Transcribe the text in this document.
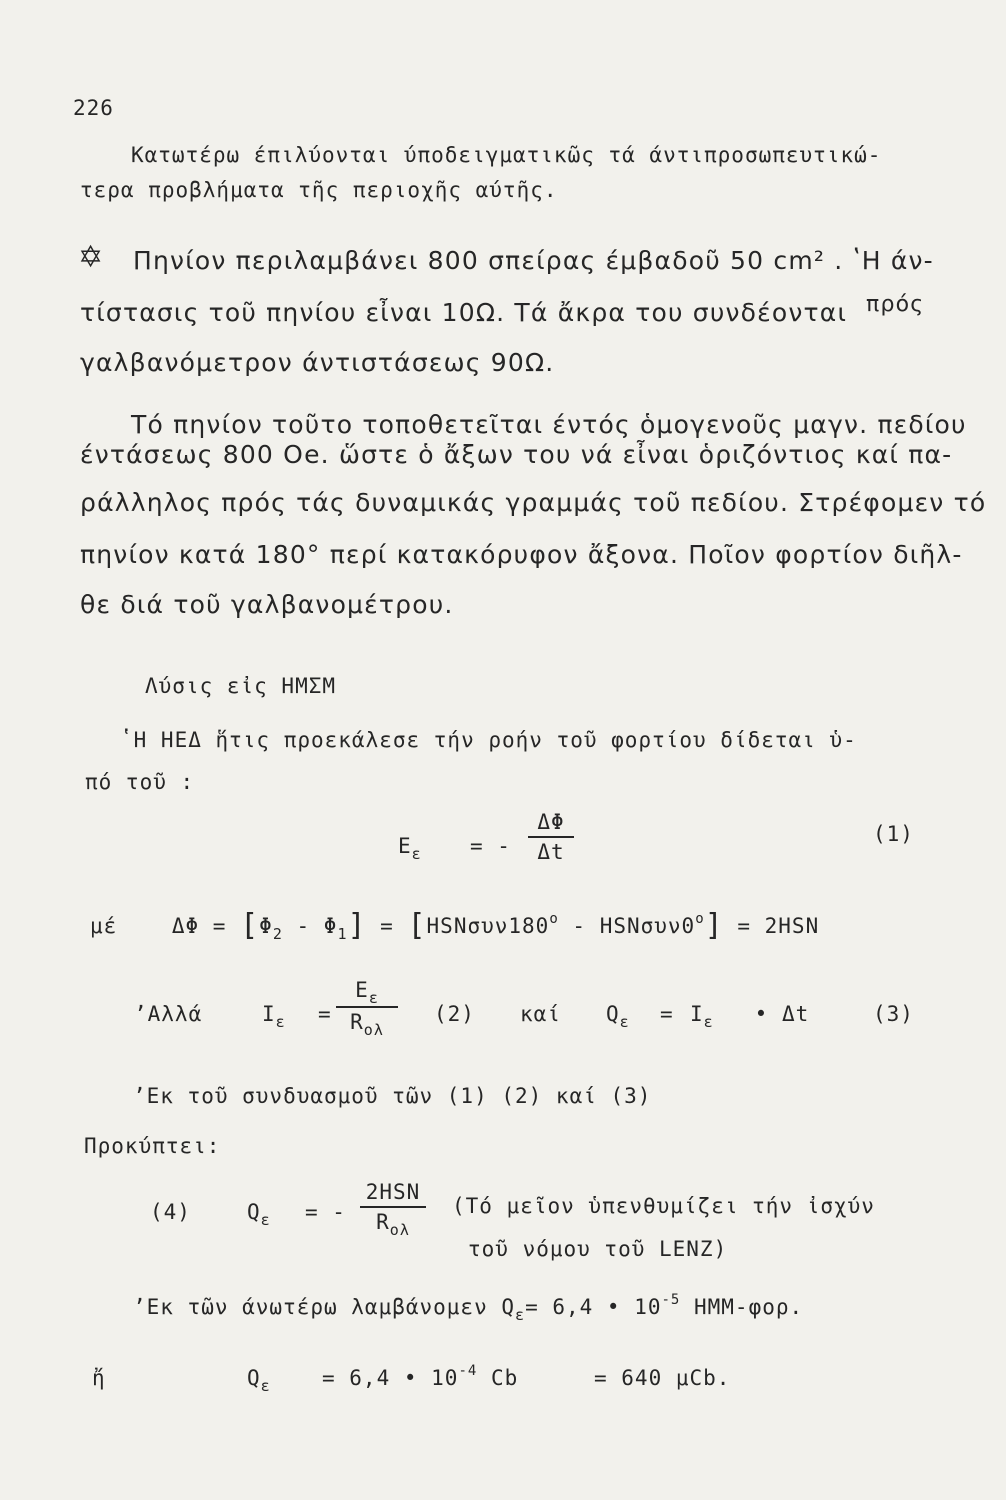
226
Κατωτέρω έπιλύονται ύποδειγματικῶς τά άντιπροσωπευτικώ-
τερα προβλήματα τῆς περιοχῆς αύτῆς.
✡ Πηνίον περιλαμβάνει 800 σπείρας έμβαδοῦ 50 cm² . ʽΗ άν-
τίστασις τοῦ πηνίου εἶναι 10Ω. Τά ἄκρα του συνδέονται πρός
γαλβανόμετρον άντιστάσεως 90Ω.
Τό πηνίον τοῦτο τοποθετεῖται έντός ὁμογενοῦς μαγν. πεδίου
έντάσεως 800 Oe. ὥστε ὁ ἄξων του νά εἶναι ὁριζόντιος καί πα-
ράλληλος πρός τάς δυναμικάς γραμμάς τοῦ πεδίου. Στρέφομεν τό
πηνίον κατά 180° περί κατακόρυφον ἄξονα. Ποῖον φορτίον διῆλ-
θε διά τοῦ γαλβανομέτρου.
Λύσις εἰς ΗΜΣΜ
ʽΗ ΗΕΔ ἥτις προεκάλεσε τήν ροήν τοῦ φορτίου δίδεται ὑ-
πό τοῦ :
$E_\varepsilon$ = -
ΔΦ
Δt
(1)
μέ	$\Delta\Phi = [\Phi_2 - \Phi_1] = [HSN\sigma\upsilon\nu 180^o - HSN\sigma\upsilon\nu 0^o] = 2HSN$
ʼΑλλά	$I_\varepsilon$ =
$E_\varepsilon$
$R_{o\lambda}$
(2) καί $Q_\varepsilon = I_\varepsilon$ • Δt	(3)
ʼΕκ τοῦ συνδυασμοῦ τῶν (1) (2) καί (3)
Προκύπτει:
(4)	$Q_\varepsilon$ = -
2HSN
$R_{o\lambda}$
(Τό μεῖον ὑπενθυμίζει τήν ἰσχύν
τοῦ νόμου τοῦ LENZ)
ʼΕκ τῶν άνωτέρω λαμβάνομεν $Q_\varepsilon= 6,4$ • $10^{-5}$ ΗΜΜ-φορ.
ἤ	$Q_\varepsilon = 6,4$ • $10^{-4}$ Cb	= 640 μCb.
